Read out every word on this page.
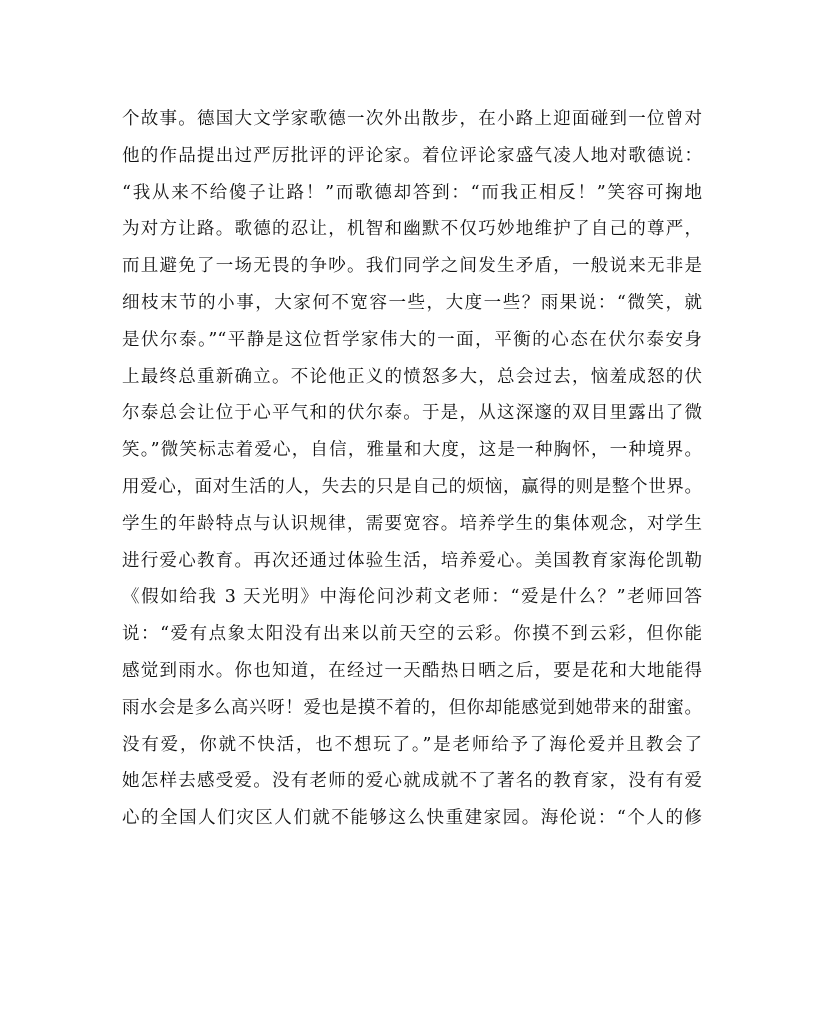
个故事。德国大文学家歌德一次外出散步，在小路上迎面碰到一位曾对
他的作品提出过严厉批评的评论家。着位评论家盛气凌人地对歌德说：
“我从来不给傻子让路！”而歌德却答到：“而我正相反！”笑容可掬地
为对方让路。歌德的忍让，机智和幽默不仅巧妙地维护了自己的尊严，
而且避免了一场无畏的争吵。我们同学之间发生矛盾，一般说来无非是
细枝末节的小事，大家何不宽容一些，大度一些？雨果说：“微笑，就
是伏尔泰。”“平静是这位哲学家伟大的一面，平衡的心态在伏尔泰安身
上最终总重新确立。不论他正义的愤怒多大，总会过去，恼羞成怒的伏
尔泰总会让位于心平气和的伏尔泰。于是，从这深邃的双目里露出了微
笑。”微笑标志着爱心，自信，雅量和大度，这是一种胸怀，一种境界。
用爱心，面对生活的人，失去的只是自己的烦恼，赢得的则是整个世界。
学生的年龄特点与认识规律，需要宽容。培养学生的集体观念，对学生
进行爱心教育。再次还通过体验生活，培养爱心。美国教育家海伦凯勒
《假如给我 3 天光明》中海伦问沙莉文老师：“爱是什么？”老师回答
说：“爱有点象太阳没有出来以前天空的云彩。你摸不到云彩，但你能
感觉到雨水。你也知道，在经过一天酷热日晒之后，要是花和大地能得
雨水会是多么高兴呀！爱也是摸不着的，但你却能感觉到她带来的甜蜜。
没有爱，你就不快活，也不想玩了。”是老师给予了海伦爱并且教会了
她怎样去感受爱。没有老师的爱心就成就不了著名的教育家，没有有爱
心的全国人们灾区人们就不能够这么快重建家园。海伦说：“个人的修
